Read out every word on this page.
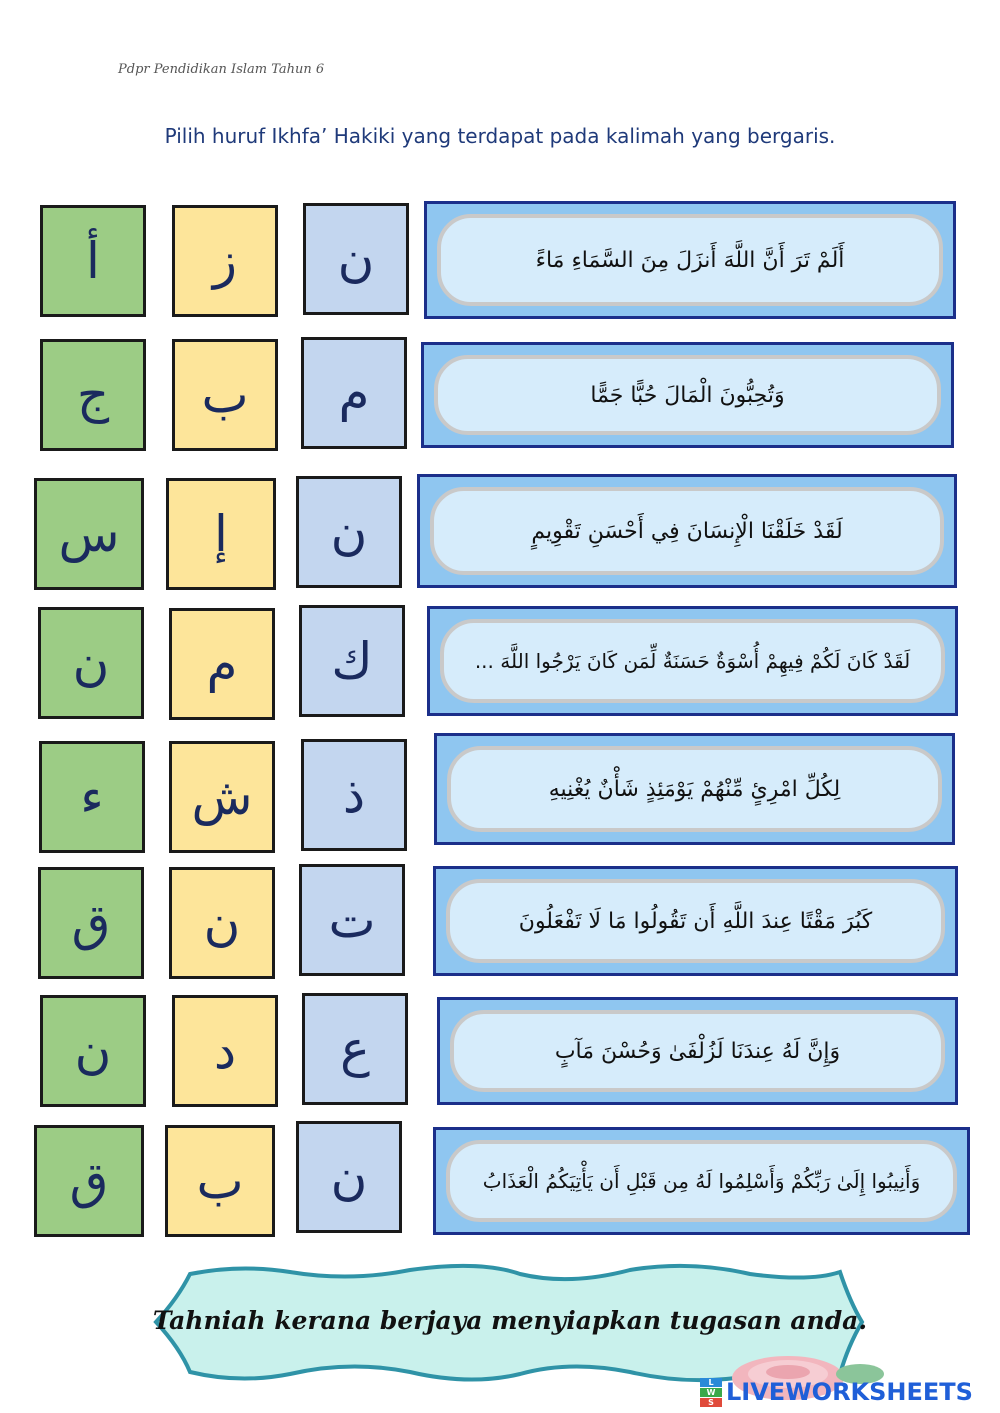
Pdpr Pendidikan Islam Tahun 6
Pilih huruf Ikhfa’ Hakiki yang terdapat pada kalimah yang bergaris.
أ	ز	ن	أَلَمْ تَرَ أَنَّ اللَّهَ أَنزَلَ مِنَ السَّمَاءِ مَاءً
ج	ب	م	وَتُحِبُّونَ الْمَالَ حُبًّا جَمًّا
س	إ	ن	لَقَدْ خَلَقْنَا الْإِنسَانَ فِي أَحْسَنِ تَقْوِيمٍ
ن	م	ك	لَقَدْ كَانَ لَكُمْ فِيهِمْ أُسْوَةٌ حَسَنَةٌ لِّمَن كَانَ يَرْجُوا اللَّهَ ...
ء	ش	ذ	لِكُلِّ امْرِئٍ مِّنْهُمْ يَوْمَئِذٍ شَأْنٌ يُغْنِيهِ
ق	ن	ت	كَبُرَ مَقْتًا عِندَ اللَّهِ أَن تَقُولُوا مَا لَا تَفْعَلُونَ
ن	د	ع	وَإِنَّ لَهُ عِندَنَا لَزُلْفَىٰ وَحُسْنَ مَآبٍ
ق	ب	ن	وَأَنِيبُوا إِلَىٰ رَبِّكُمْ وَأَسْلِمُوا لَهُ مِن قَبْلِ أَن يَأْتِيَكُمُ الْعَذَابُ
Tahniah kerana berjaya menyiapkan tugasan anda.
L
W
S LIVEWORKSHEETS
